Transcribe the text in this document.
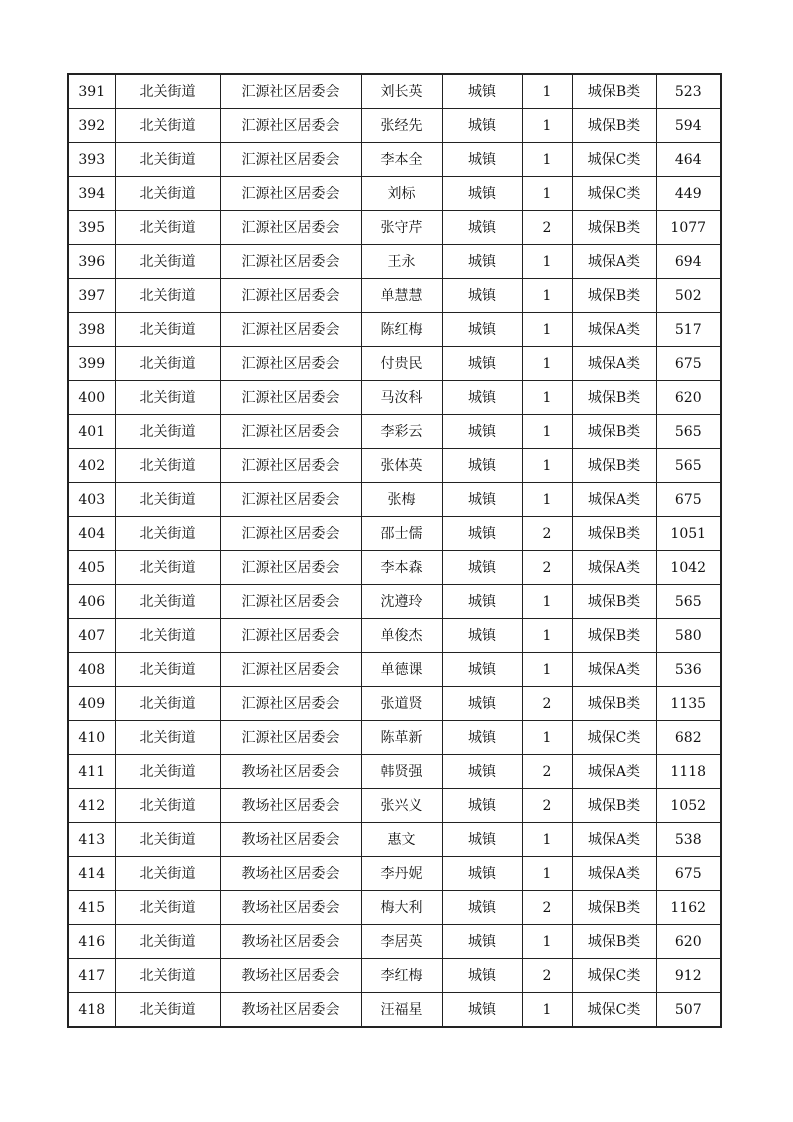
391	北关街道	汇源社区居委会	刘长英	城镇	1	城保B类	523
392	北关街道	汇源社区居委会	张经先	城镇	1	城保B类	594
393	北关街道	汇源社区居委会	李本全	城镇	1	城保C类	464
394	北关街道	汇源社区居委会	刘标	城镇	1	城保C类	449
395	北关街道	汇源社区居委会	张守芹	城镇	2	城保B类	1077
396	北关街道	汇源社区居委会	王永	城镇	1	城保A类	694
397	北关街道	汇源社区居委会	单慧慧	城镇	1	城保B类	502
398	北关街道	汇源社区居委会	陈红梅	城镇	1	城保A类	517
399	北关街道	汇源社区居委会	付贵民	城镇	1	城保A类	675
400	北关街道	汇源社区居委会	马汝科	城镇	1	城保B类	620
401	北关街道	汇源社区居委会	李彩云	城镇	1	城保B类	565
402	北关街道	汇源社区居委会	张体英	城镇	1	城保B类	565
403	北关街道	汇源社区居委会	张梅	城镇	1	城保A类	675
404	北关街道	汇源社区居委会	邵士儒	城镇	2	城保B类	1051
405	北关街道	汇源社区居委会	李本森	城镇	2	城保A类	1042
406	北关街道	汇源社区居委会	沈遵玲	城镇	1	城保B类	565
407	北关街道	汇源社区居委会	单俊杰	城镇	1	城保B类	580
408	北关街道	汇源社区居委会	单德课	城镇	1	城保A类	536
409	北关街道	汇源社区居委会	张道贤	城镇	2	城保B类	1135
410	北关街道	汇源社区居委会	陈革新	城镇	1	城保C类	682
411	北关街道	教场社区居委会	韩贤强	城镇	2	城保A类	1118
412	北关街道	教场社区居委会	张兴义	城镇	2	城保B类	1052
413	北关街道	教场社区居委会	惠文	城镇	1	城保A类	538
414	北关街道	教场社区居委会	李丹妮	城镇	1	城保A类	675
415	北关街道	教场社区居委会	梅大利	城镇	2	城保B类	1162
416	北关街道	教场社区居委会	李居英	城镇	1	城保B类	620
417	北关街道	教场社区居委会	李红梅	城镇	2	城保C类	912
418	北关街道	教场社区居委会	汪福星	城镇	1	城保C类	507
